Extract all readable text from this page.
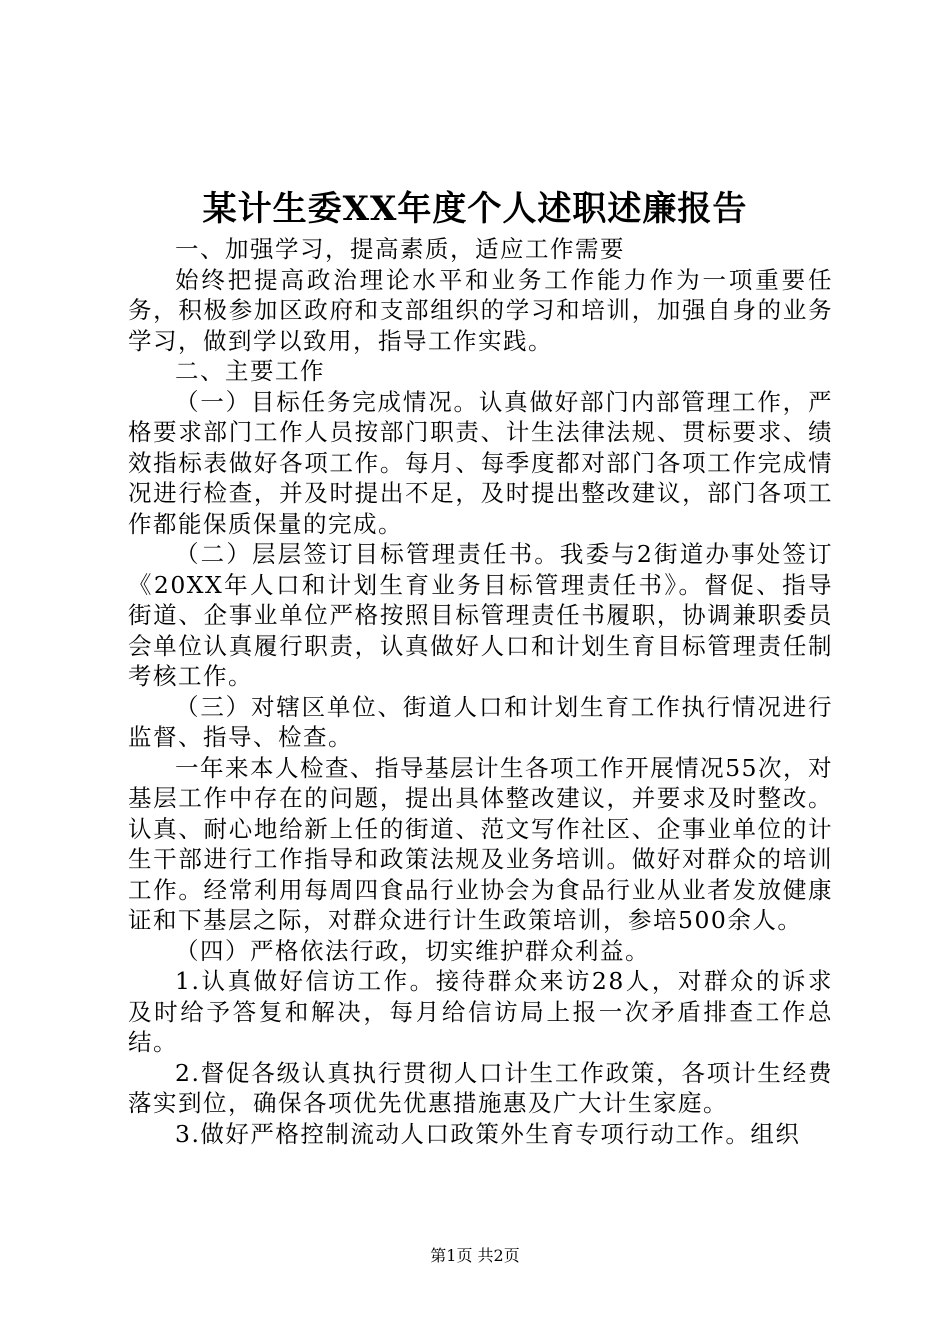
某计生委XX年度个人述职述廉报告

一、加强学习，提高素质，适应工作需要

始终把提高政治理论水平和业务工作能力作为一项重要任务，积极参加区政府和支部组织的学习和培训，加强自身的业务学习，做到学以致用，指导工作实践。

二、主要工作

（一）目标任务完成情况。认真做好部门内部管理工作，严格要求部门工作人员按部门职责、计生法律法规、贯标要求、绩效指标表做好各项工作。每月、每季度都对部门各项工作完成情况进行检查，并及时提出不足，及时提出整改建议，部门各项工作都能保质保量的完成。

（二）层层签订目标管理责任书。我委与2街道办事处签订《20XX年人口和计划生育业务目标管理责任书》。督促、指导街道、企事业单位严格按照目标管理责任书履职，协调兼职委员会单位认真履行职责，认真做好人口和计划生育目标管理责任制考核工作。

（三）对辖区单位、街道人口和计划生育工作执行情况进行监督、指导、检查。

一年来本人检查、指导基层计生各项工作开展情况55次，对基层工作中存在的问题，提出具体整改建议，并要求及时整改。认真、耐心地给新上任的街道、范文写作社区、企事业单位的计生干部进行工作指导和政策法规及业务培训。做好对群众的培训工作。经常利用每周四食品行业协会为食品行业从业者发放健康证和下基层之际，对群众进行计生政策培训，参培500余人。

（四）严格依法行政，切实维护群众利益。

1.认真做好信访工作。接待群众来访28人，对群众的诉求及时给予答复和解决，每月给信访局上报一次矛盾排查工作总结。

2.督促各级认真执行贯彻人口计生工作政策，各项计生经费落实到位，确保各项优先优惠措施惠及广大计生家庭。

3.做好严格控制流动人口政策外生育专项行动工作。组织

第1页 共2页
